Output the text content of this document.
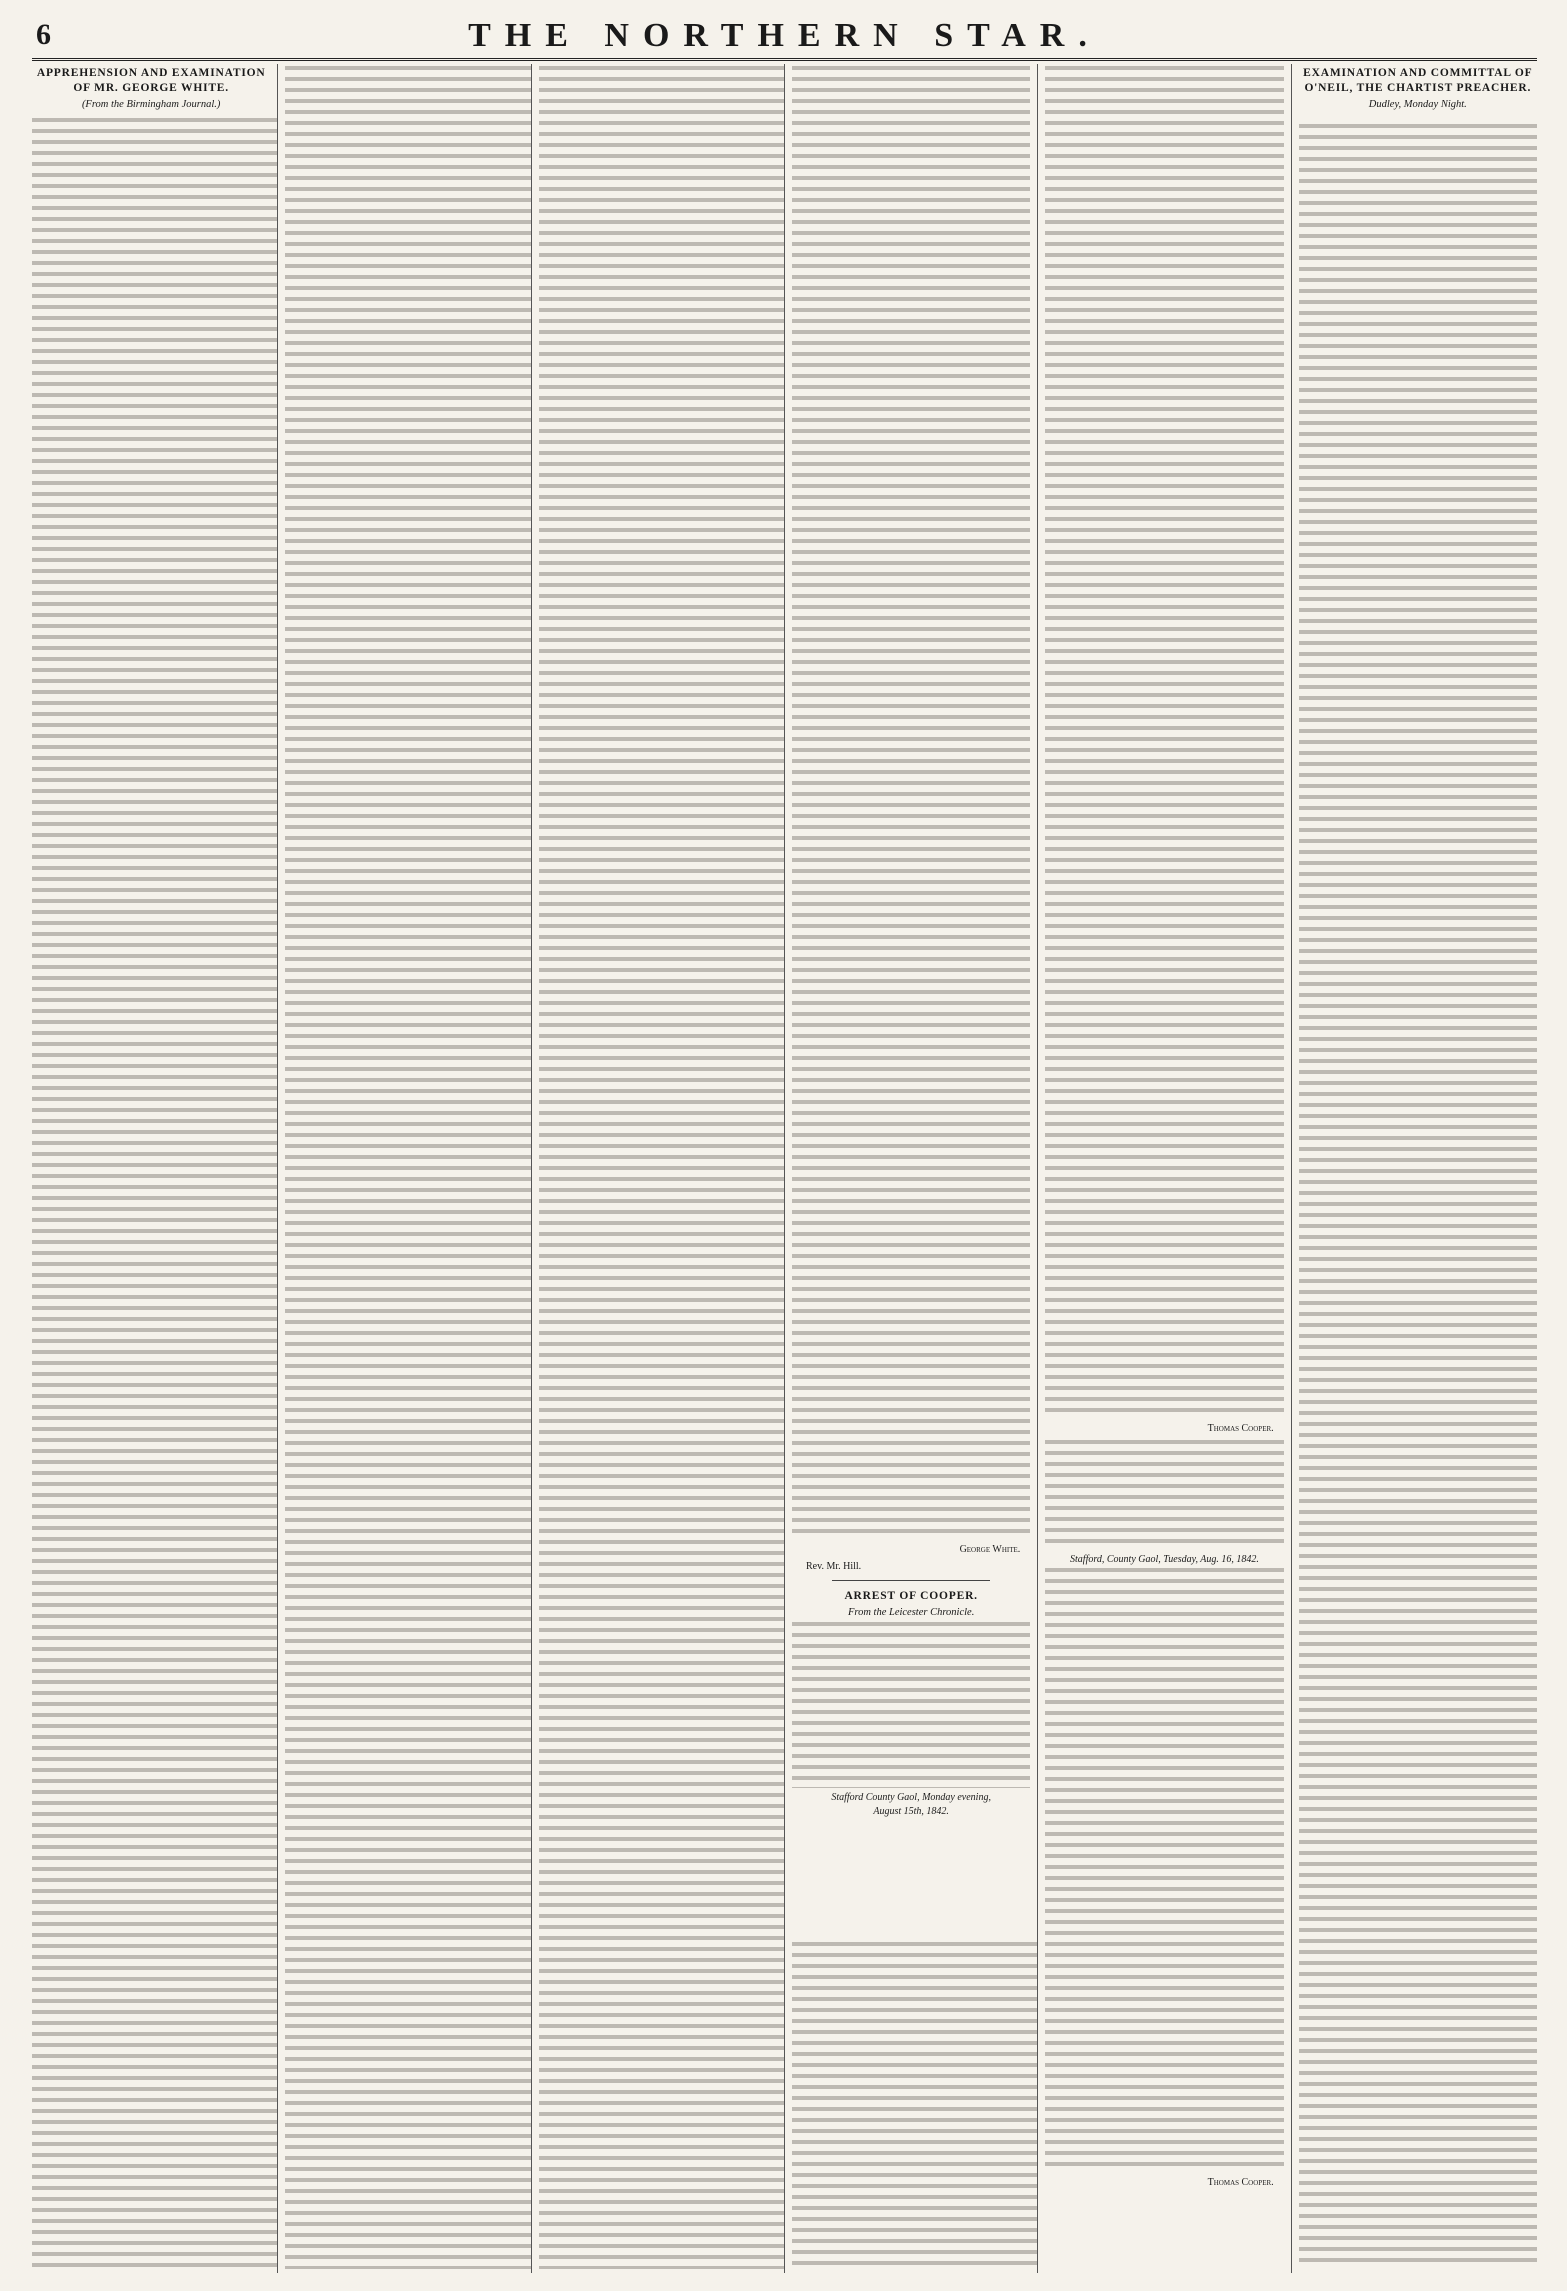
6	THE NORTHERN STAR.
APPREHENSION AND EXAMINATION OF MR. GEORGE WHITE.
(From the Birmingham Journal.)
George White.
Rev. Mr. Hill.
ARREST OF COOPER.
From the Leicester Chronicle.
Stafford County Gaol, Monday evening,
August 15th, 1842.
Thomas Cooper.
Stafford, County Gaol, Tuesday, Aug. 16, 1842.
Thomas Cooper.
EXAMINATION AND COMMITTAL OF O'NEIL, THE CHARTIST PREACHER.
Dudley, Monday Night.
